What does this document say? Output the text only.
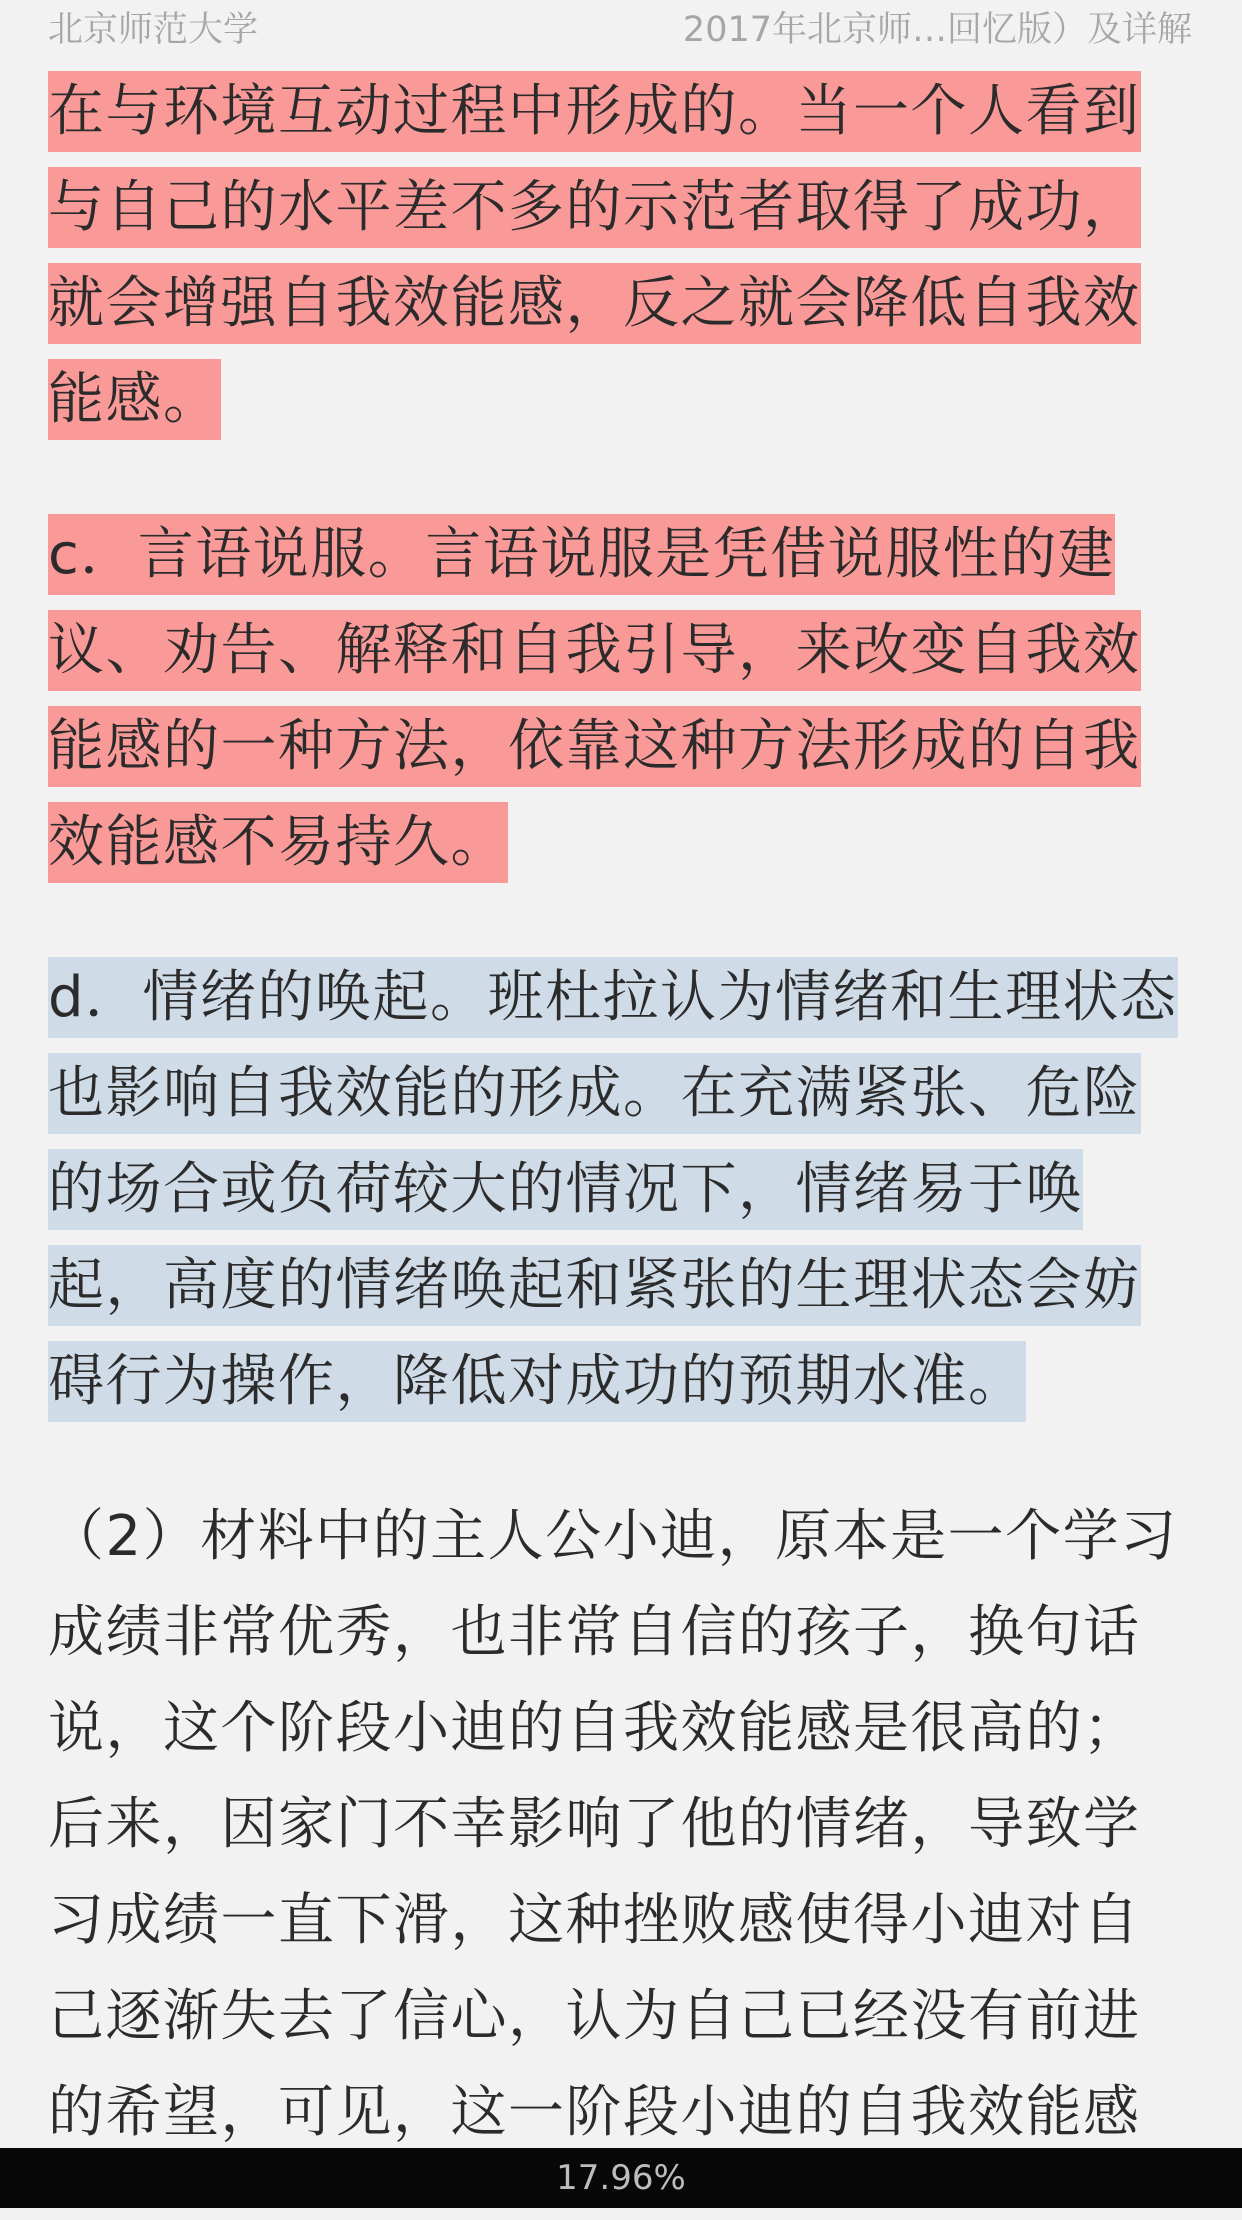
北京师范大学	2017年北京师…回忆版）及详解

在与环境互动过程中形成的。当一个人看到与自己的水平差不多的示范者取得了成功，就会增强自我效能感，反之就会降低自我效能感。

c．言语说服。言语说服是凭借说服性的建议、劝告、解释和自我引导，来改变自我效能感的一种方法，依靠这种方法形成的自我效能感不易持久。

d．情绪的唤起。班杜拉认为情绪和生理状态也影响自我效能的形成。在充满紧张、危险的场合或负荷较大的情况下，情绪易于唤起，高度的情绪唤起和紧张的生理状态会妨碍行为操作，降低对成功的预期水准。

（2）材料中的主人公小迪，原本是一个学习成绩非常优秀，也非常自信的孩子，换句话说，这个阶段小迪的自我效能感是很高的；后来，因家门不幸影响了他的情绪，导致学习成绩一直下滑，这种挫败感使得小迪对自己逐渐失去了信心，认为自己已经没有前进的希望，可见，这一阶段小迪的自我效能感

17.96%
